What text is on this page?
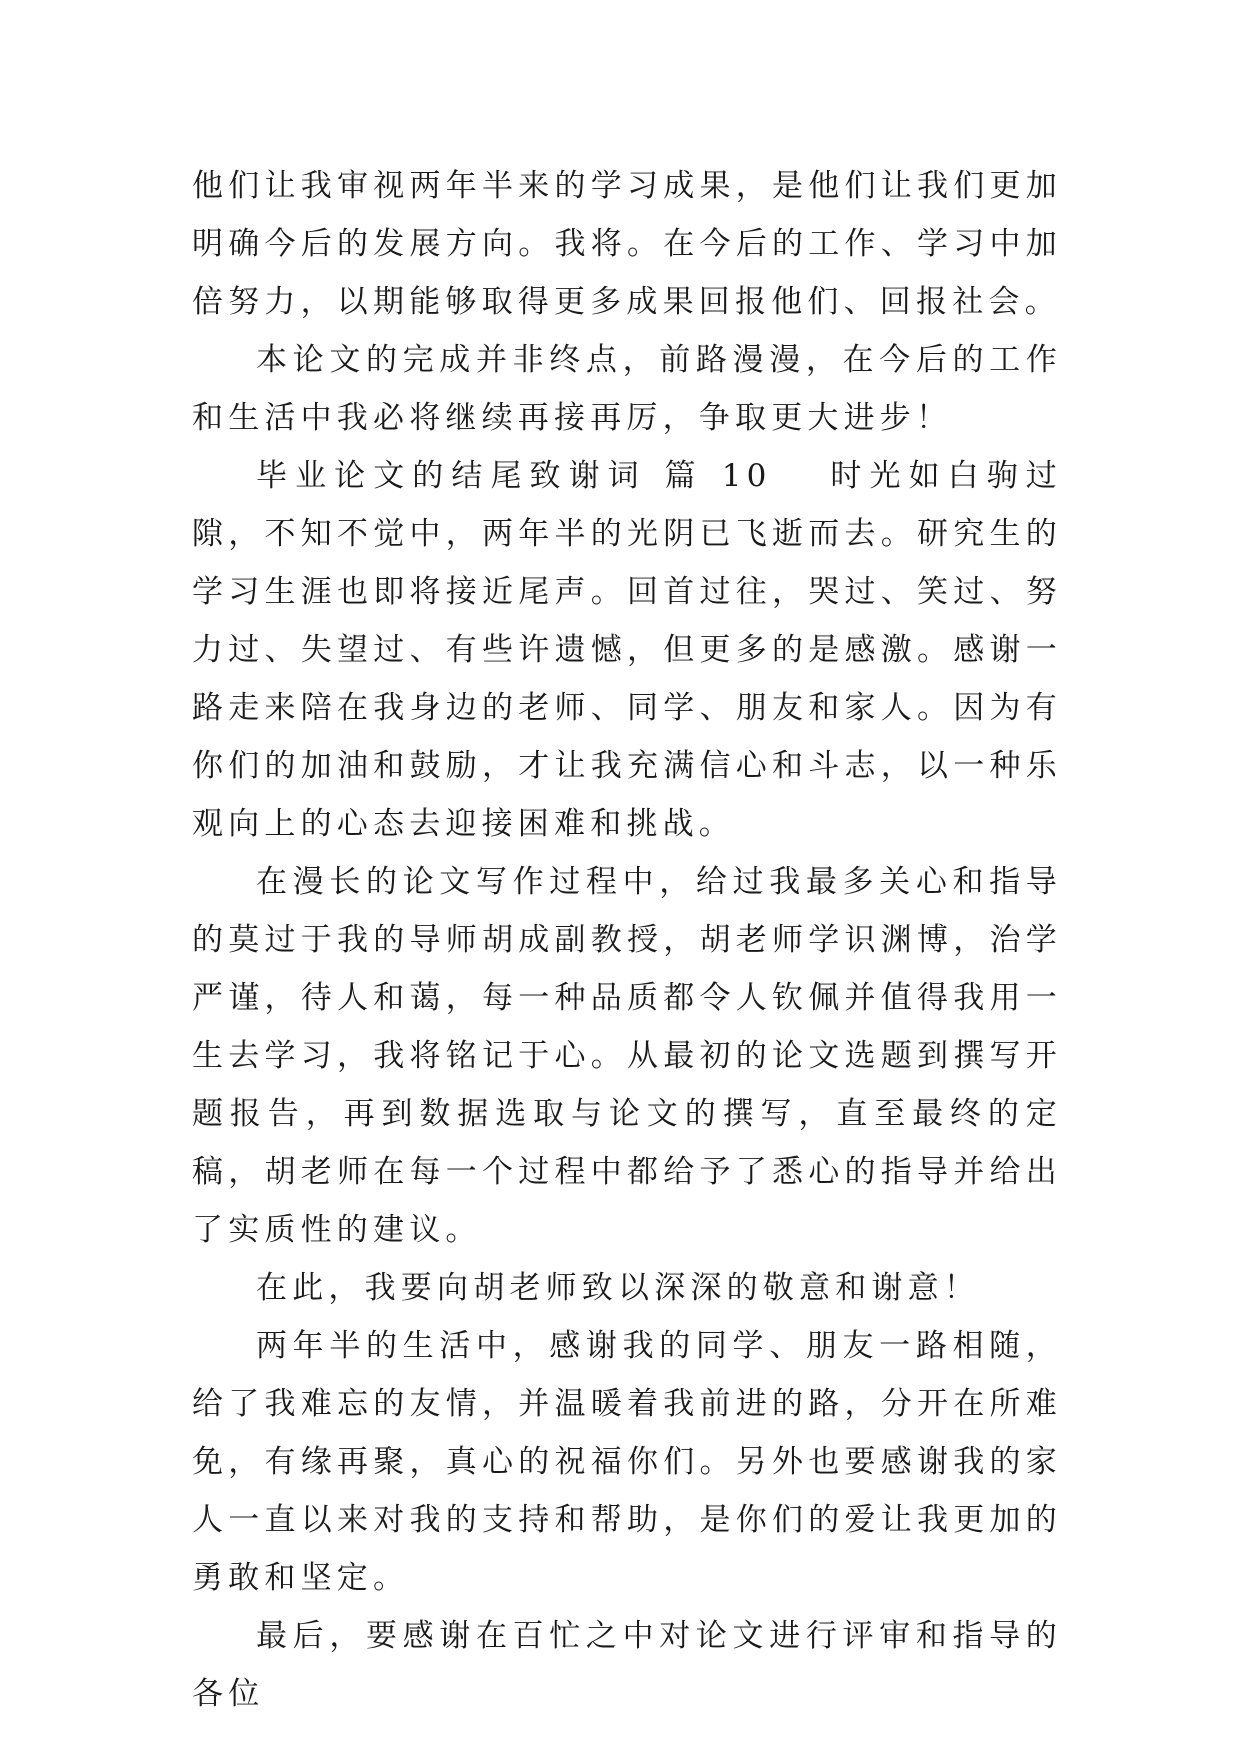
他们让我审视两年半来的学习成果，是他们让我们更加明确今后的发展方向。我将。在今后的工作、学习中加倍努力，以期能够取得更多成果回报他们、回报社会。

本论文的完成并非终点，前路漫漫，在今后的工作和生活中我必将继续再接再厉，争取更大进步！

毕业论文的结尾致谢词 篇 10 时光如白驹过隙，不知不觉中，两年半的光阴已飞逝而去。研究生的学习生涯也即将接近尾声。回首过往，哭过、笑过、努力过、失望过、有些许遗憾，但更多的是感激。感谢一路走来陪在我身边的老师、同学、朋友和家人。因为有你们的加油和鼓励，才让我充满信心和斗志，以一种乐观向上的心态去迎接困难和挑战。

在漫长的论文写作过程中，给过我最多关心和指导的莫过于我的导师胡成副教授，胡老师学识渊博，治学严谨，待人和蔼，每一种品质都令人钦佩并值得我用一生去学习，我将铭记于心。从最初的论文选题到撰写开题报告，再到数据选取与论文的撰写，直至最终的定稿，胡老师在每一个过程中都给予了悉心的指导并给出了实质性的建议。

在此，我要向胡老师致以深深的敬意和谢意！

两年半的生活中，感谢我的同学、朋友一路相随，给了我难忘的友情，并温暖着我前进的路，分开在所难免，有缘再聚，真心的祝福你们。另外也要感谢我的家人一直以来对我的支持和帮助，是你们的爱让我更加的勇敢和坚定。

最后，要感谢在百忙之中对论文进行评审和指导的各位
